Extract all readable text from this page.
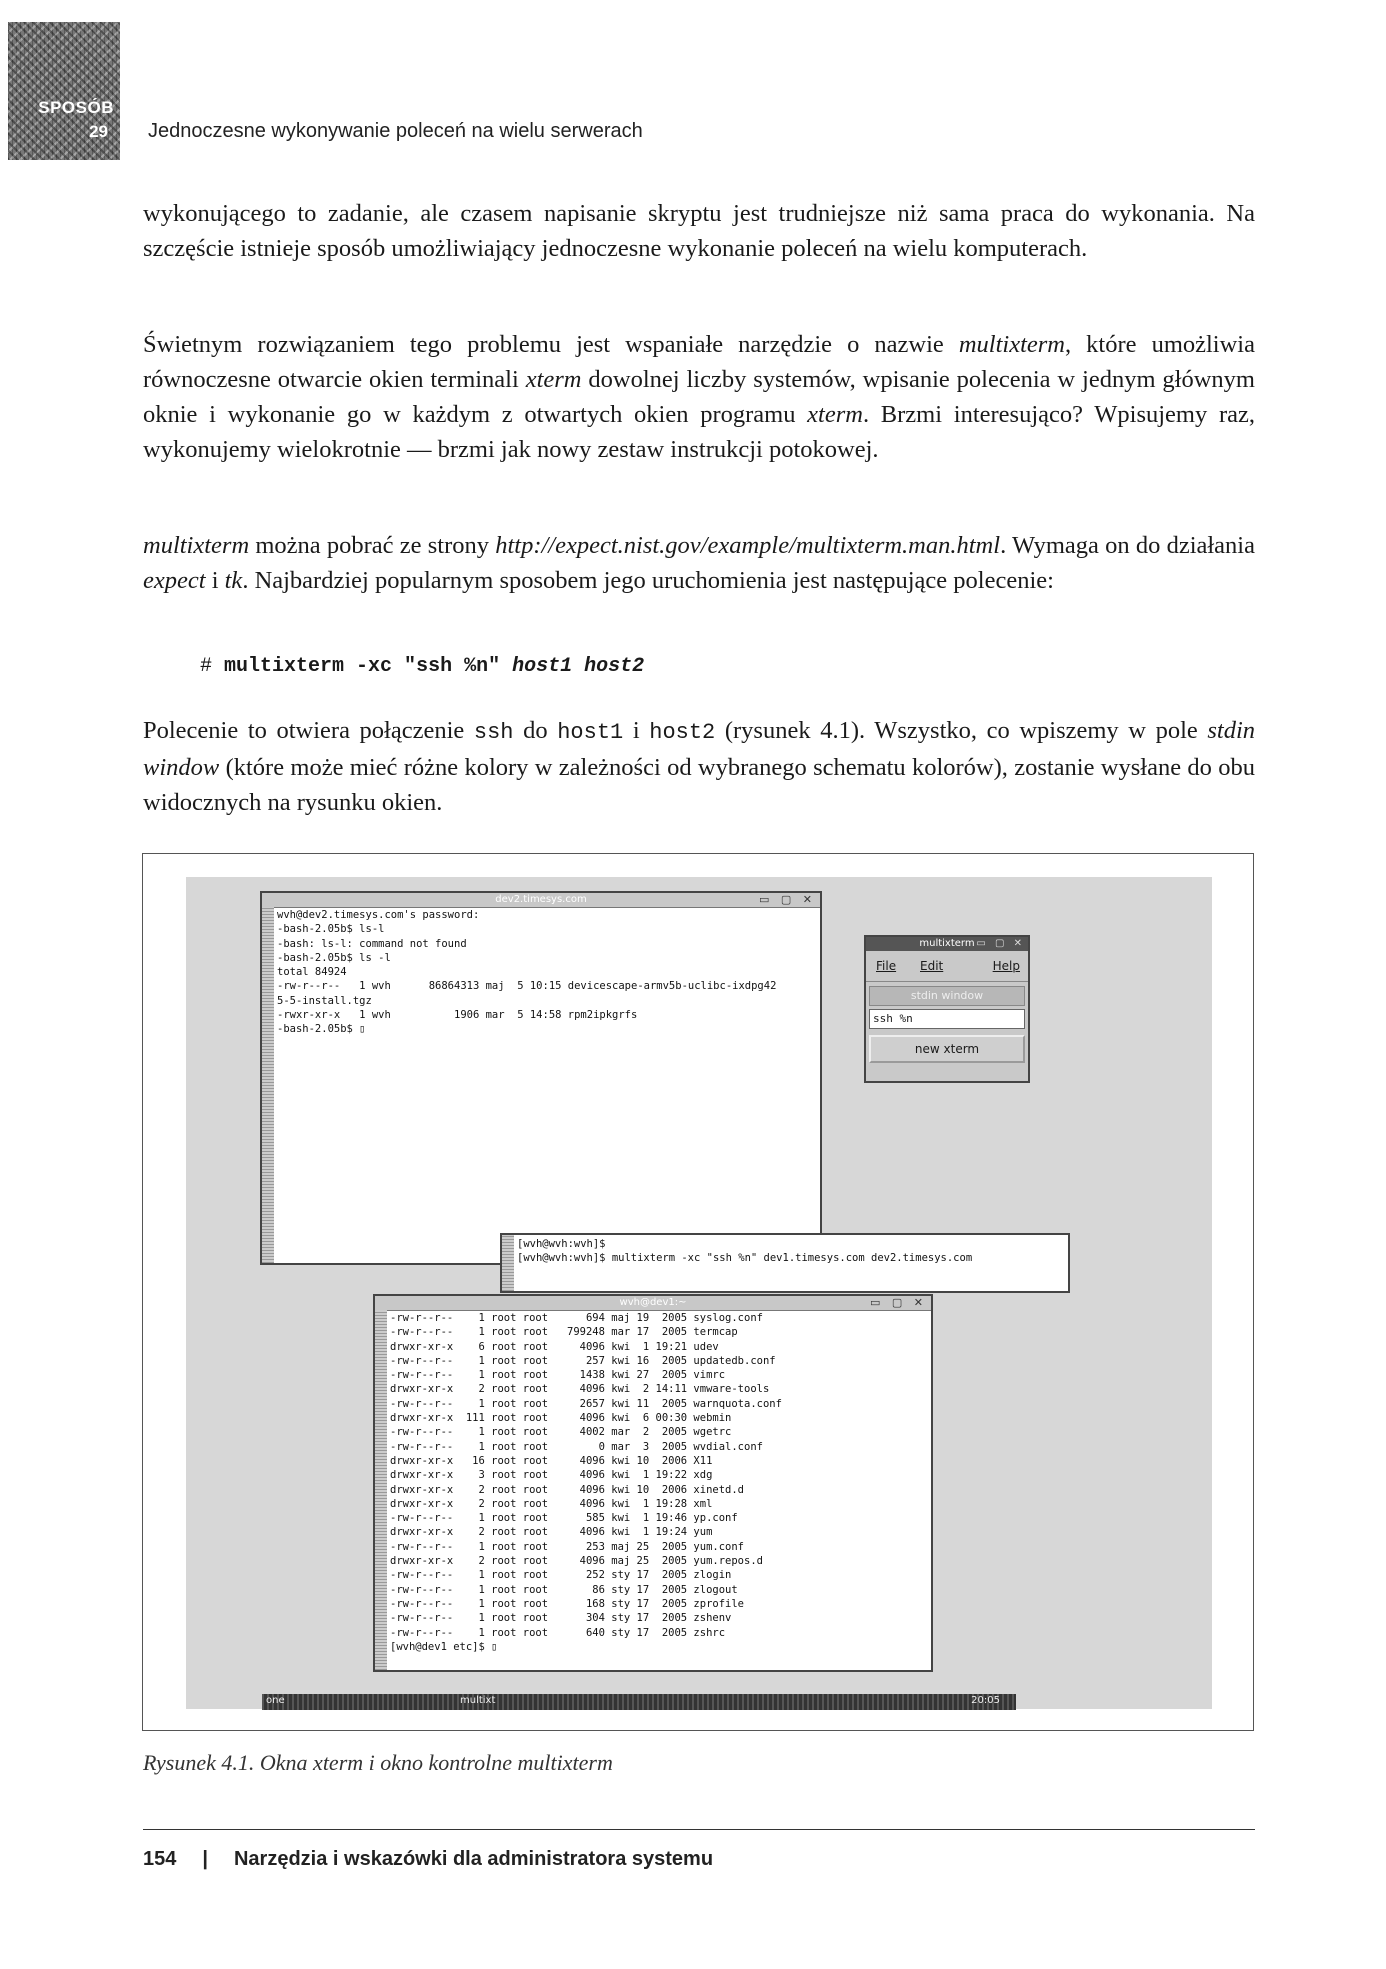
SPOSÓB
29 Jednoczesne wykonywanie poleceń na wielu serwerach
wykonującego to zadanie, ale czasem napisanie skryptu jest trudniejsze niż sama praca do wykonania. Na szczęście istnieje sposób umożliwiający jednoczesne wykonanie poleceń na wielu komputerach.
Świetnym rozwiązaniem tego problemu jest wspaniałe narzędzie o nazwie multixterm, które umożliwia równoczesne otwarcie okien terminali xterm dowolnej liczby systemów, wpisanie polecenia w jednym głównym oknie i wykonanie go w każdym z otwartych okien programu xterm. Brzmi interesująco? Wpisujemy raz, wykonujemy wielokrotnie — brzmi jak nowy zestaw instrukcji potokowej.
multixterm można pobrać ze strony http://expect.nist.gov/example/multixterm.man.html. Wymaga on do działania expect i tk. Najbardziej popularnym sposobem jego uruchomienia jest następujące polecenie:
# multixterm -xc "ssh %n" host1 host2
Polecenie to otwiera połączenie ssh do host1 i host2 (rysunek 4.1). Wszystko, co wpiszemy w pole stdin window (które może mieć różne kolory w zależności od wybranego schematu kolorów), zostanie wysłane do obu widocznych na rysunku okien.
dev2.timesys.com	▭ ▢ ✕
wvh@dev2.timesys.com's password:
-bash-2.05b$ ls-l
-bash: ls-l: command not found
-bash-2.05b$ ls -l
total 84924
-rw-r--r--   1 wvh      86864313 maj  5 10:15 devicescape-armv5b-uclibc-ixdpg42
5-5-install.tgz
-rwxr-xr-x   1 wvh          1906 mar  5 14:58 rpm2ipkgrfs
-bash-2.05b$ ▯
[wvh@wvh:wvh]$
[wvh@wvh:wvh]$ multixterm -xc "ssh %n" dev1.timesys.com dev2.timesys.com
wvh@dev1:~	▭ ▢ ✕
-rw-r--r--    1 root root      694 maj 19  2005 syslog.conf
-rw-r--r--    1 root root   799248 mar 17  2005 termcap
drwxr-xr-x    6 root root     4096 kwi  1 19:21 udev
-rw-r--r--    1 root root      257 kwi 16  2005 updatedb.conf
-rw-r--r--    1 root root     1438 kwi 27  2005 vimrc
drwxr-xr-x    2 root root     4096 kwi  2 14:11 vmware-tools
-rw-r--r--    1 root root     2657 kwi 11  2005 warnquota.conf
drwxr-xr-x  111 root root     4096 kwi  6 00:30 webmin
-rw-r--r--    1 root root     4002 mar  2  2005 wgetrc
-rw-r--r--    1 root root        0 mar  3  2005 wvdial.conf
drwxr-xr-x   16 root root     4096 kwi 10  2006 X11
drwxr-xr-x    3 root root     4096 kwi  1 19:22 xdg
drwxr-xr-x    2 root root     4096 kwi 10  2006 xinetd.d
drwxr-xr-x    2 root root     4096 kwi  1 19:28 xml
-rw-r--r--    1 root root      585 kwi  1 19:46 yp.conf
drwxr-xr-x    2 root root     4096 kwi  1 19:24 yum
-rw-r--r--    1 root root      253 maj 25  2005 yum.conf
drwxr-xr-x    2 root root     4096 maj 25  2005 yum.repos.d
-rw-r--r--    1 root root      252 sty 17  2005 zlogin
-rw-r--r--    1 root root       86 sty 17  2005 zlogout
-rw-r--r--    1 root root      168 sty 17  2005 zprofile
-rw-r--r--    1 root root      304 sty 17  2005 zshenv
-rw-r--r--    1 root root      640 sty 17  2005 zshrc
[wvh@dev1 etc]$ ▯
multixterm ▭ ▢ ✕
File Edit	Help
stdin window
ssh %n
new xterm
one	multixt	20:05
Rysunek 4.1. Okna xterm i okno kontrolne multixterm
154 | Narzędzia i wskazówki dla administratora systemu
